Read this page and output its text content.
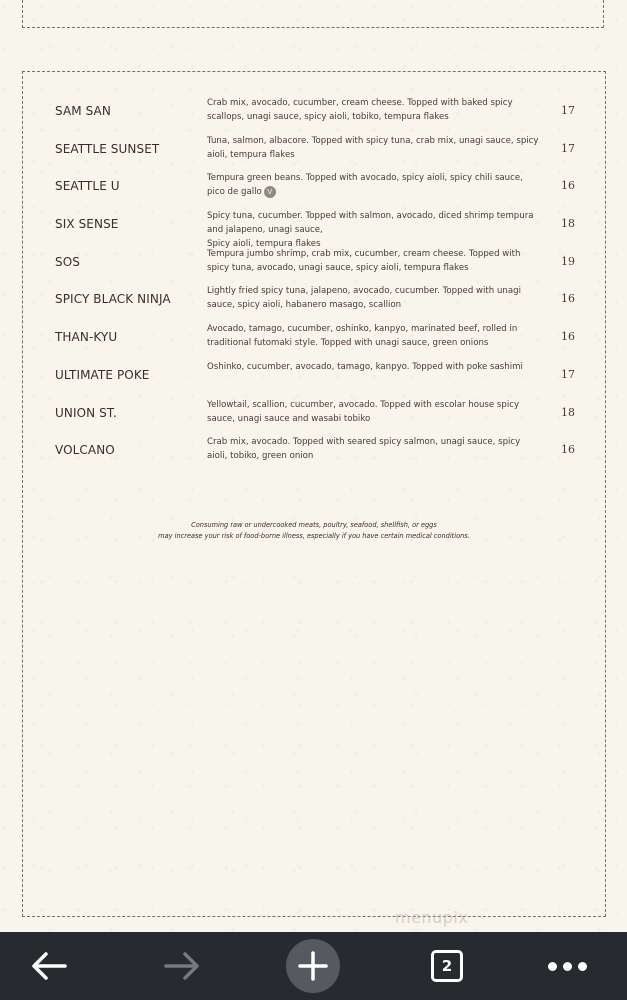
SAM SAN
Crab mix, avocado, cucumber, cream cheese. Topped with baked spicy scallops, unagi sauce, spicy aioli, tobiko, tempura flakes	17
SEATTLE SUNSET
Tuna, salmon, albacore. Topped with spicy tuna, crab mix, unagi sauce, spicy aioli, tempura flakes	17
SEATTLE U
Tempura green beans. Topped with avocado, spicy aioli, spicy chili sauce, pico de gallo V	16
SIX SENSE
Spicy tuna, cucumber. Topped with salmon, avocado, diced shrimp tempura and jalapeno, unagi sauce,
Spicy aioli, tempura flakes
18
SOS
Tempura jumbo shrimp, crab mix, cucumber, cream cheese. Topped with spicy tuna, avocado, unagi sauce, spicy aioli, tempura flakes	19
SPICY BLACK NINJA
Lightly fried spicy tuna, jalapeno, avocado, cucumber. Topped with unagi sauce, spicy aioli, habanero masago, scallion	16
THAN-KYU
Avocado, tamago, cucumber, oshinko, kanpyo, marinated beef, rolled in traditional futomaki style. Topped with unagi sauce, green onions	16
ULTIMATE POKE
Oshinko, cucumber, avocado, tamago, kanpyo. Topped with poke sashimi
17
UNION ST.
Yellowtail, scallion, cucumber, avocado. Topped with escolar house spicy sauce, unagi sauce and wasabi tobiko	18
VOLCANO
Crab mix, avocado. Topped with seared spicy salmon, unagi sauce, spicy aioli, tobiko, green onion	16
Consuming raw or undercooked meats, poultry, seafood, shellfish, or eggs
may increase your risk of food-borne illness, especially if you have certain medical conditions.
menupix
2
